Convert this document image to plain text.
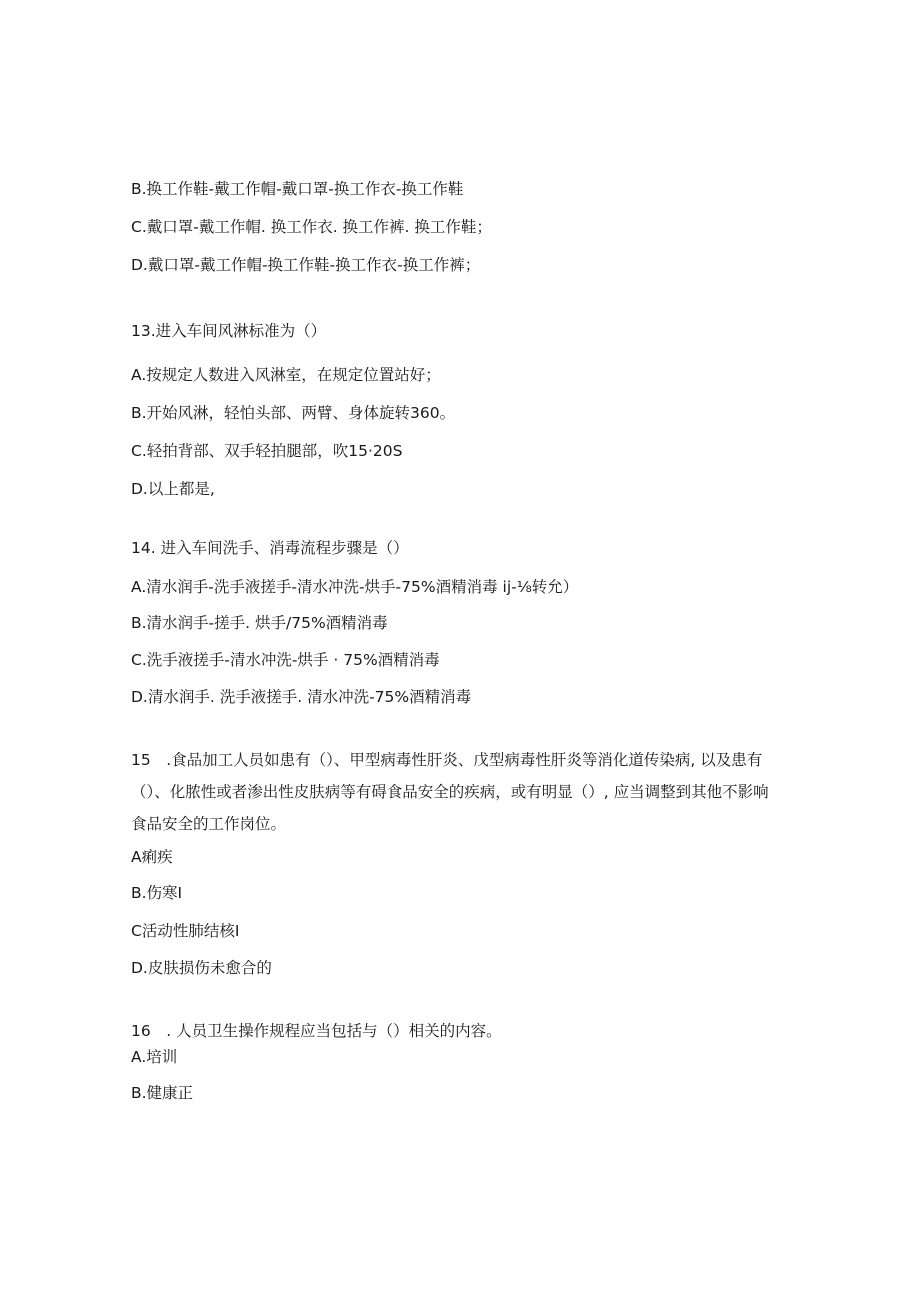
B.换工作鞋-戴工作帽-戴口罩-换工作衣-换工作鞋
C.戴口罩-戴工作帽. 换工作衣. 换工作裤. 换工作鞋；
D.戴口罩-戴工作帽-换工作鞋-换工作衣-换工作裤；
13.进入车间风淋标准为（）
A.按规定人数进入风淋室，在规定位置站好；
B.开始风淋，轻怕头部、两臂、身体旋转360。
C.轻拍背部、双手轻拍腿部，吹15·20S
D.以上都是,
14. 进入车间洗手、消毒流程步骤是（）
A.清水润手-洗手液搓手-清水冲洗-烘手-75%酒精消毒 ij-⅛转允）
B.清水润手-搓手. 烘手/75%酒精消毒
C.洗手液搓手-清水冲洗-烘手 · 75%酒精消毒
D.清水润手. 洗手液搓手. 清水冲洗-75%酒精消毒
15　.食品加工人员如患有（）、甲型病毒性肝炎、戊型病毒性肝炎等消化道传染病, 以及患有（）、化脓性或者渗出性皮肤病等有碍食品安全的疾病，或有明显（）, 应当调整到其他不影响食品安全的工作岗位。
A痢疾
B.伤寒I
C活动性肺结核I
D.皮肤损伤未愈合的
16　. 人员卫生操作规程应当包括与（）相关的内容。
A.培训
B.健康正
